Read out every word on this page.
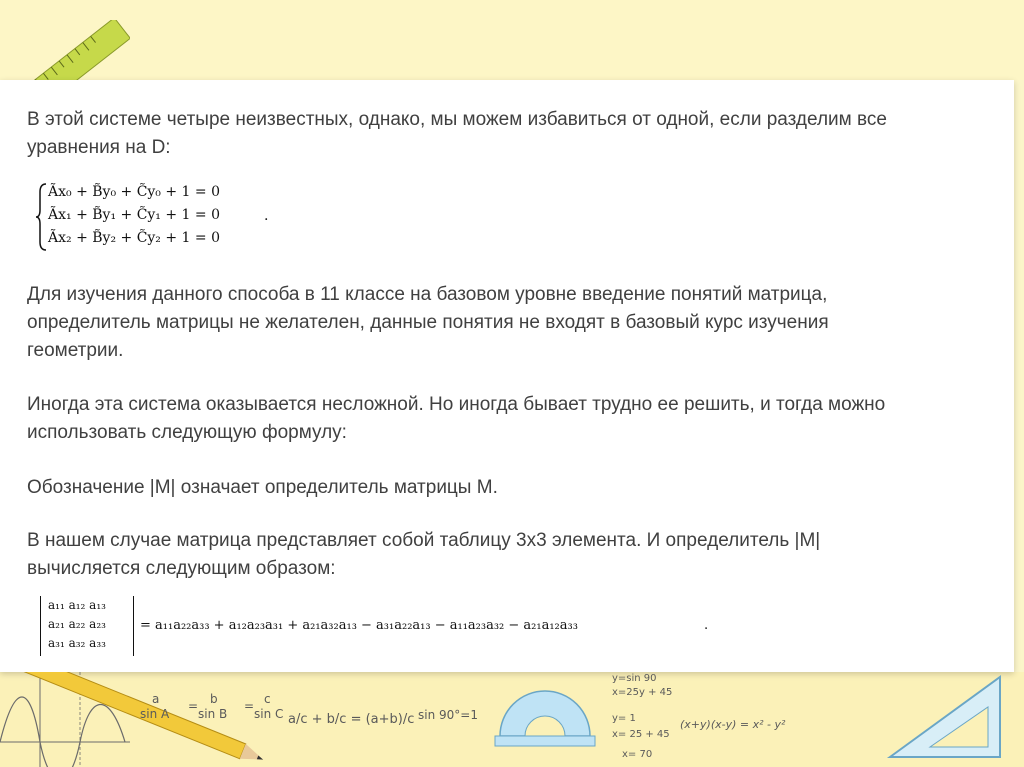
В этой системе четыре неизвестных, однако, мы можем избавиться от одной, если разделим все

уравнения на D:

Ãx₀ + B̃y₀ + C̃y₀ + 1 = 0
Ãx₁ + B̃y₁ + C̃y₁ + 1 = 0
Ãx₂ + B̃y₂ + C̃y₂ + 1 = 0
.

Для изучения данного способа в 11 классе на базовом уровне введение понятий матрица,

определитель матрицы не желателен, данные понятия не входят в базовый курс изучения

геометрии.

Иногда эта система оказывается несложной. Но иногда бывает трудно ее решить, и тогда можно

использовать следующую формулу:

Обозначение |M| означает определитель матрицы M.

В нашем случае матрица представляет собой таблицу 3х3 элемента. И определитель |M|

вычисляется следующим образом:

a₁₁ a₁₂ a₁₃
a₂₁ a₂₂ a₂₃
a₃₁ a₃₂ a₃₃
= a₁₁a₂₂a₃₃ + a₁₂a₂₃a₃₁ + a₂₁a₃₂a₁₃ − a₃₁a₂₂a₁₃ − a₁₁a₂₃a₃₂ − a₂₁a₁₂a₃₃	.
a
sin A
= b
sin B
= c
sin C a/c + b/c = (a+b)/c sin 90°=1
y=sin 90
x=25y + 45
y= 1
x= 25 + 45
x= 70
(x+y)(x-y) = x² - y²
